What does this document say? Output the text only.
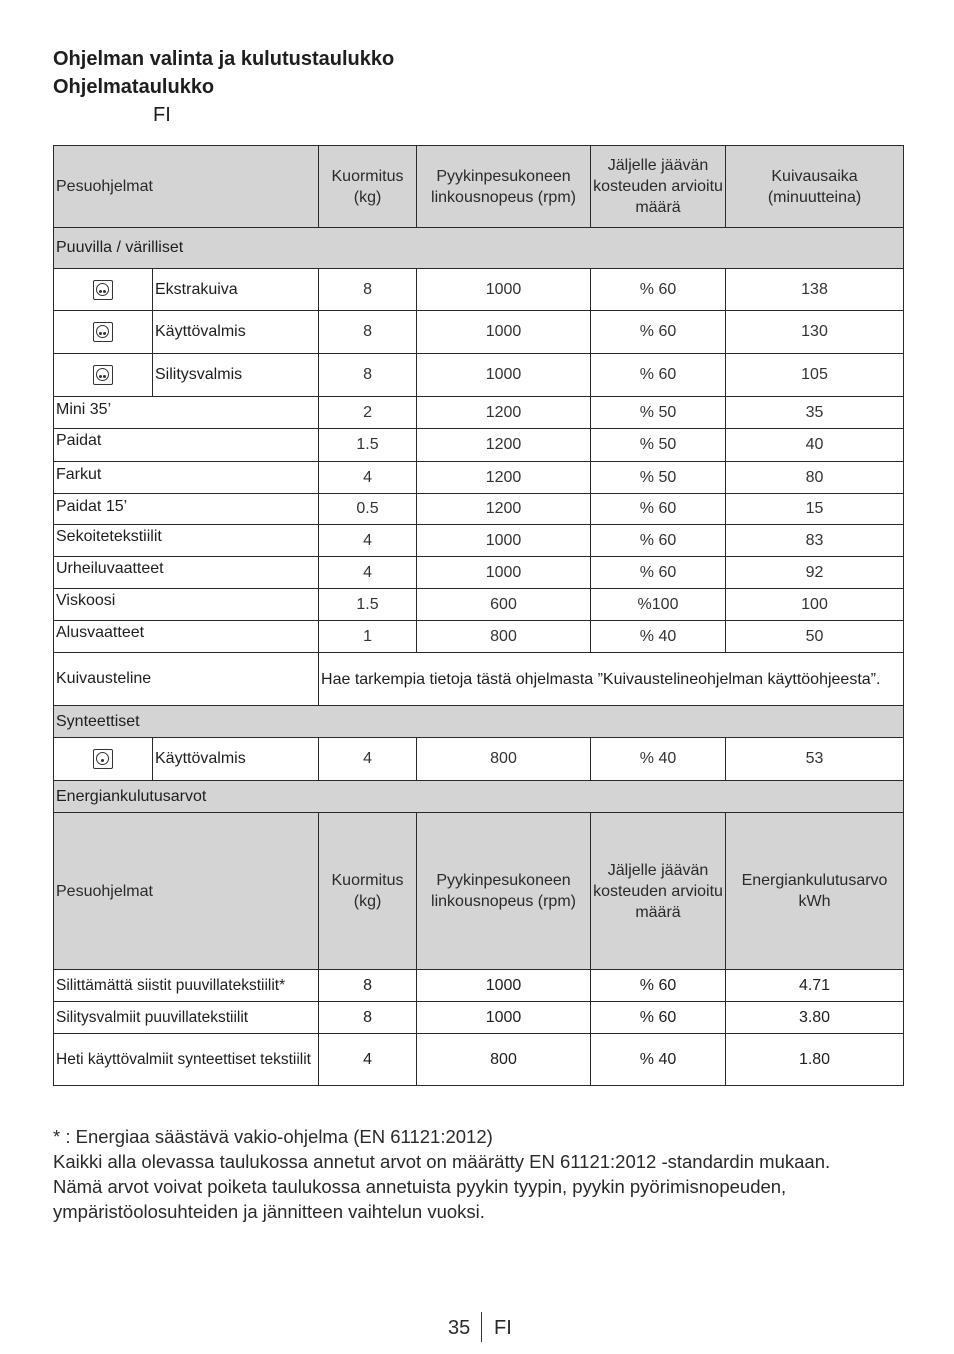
Ohjelman valinta ja kulutustaulukko
Ohjelmataulukko
FI
Pesuohjelmat		Kuormitus (kg)	Pyykinpesukoneen linkousnopeus (rpm)	Jäljelle jäävän kosteuden arvioitu määrä	Kuivausaika (minuutteina)
Puuvilla / värilliset					

	Ekstrakuiva	8	1000	% 60	138

	Käyttövalmis	8	1000	% 60	130

	Silitysvalmis	8	1000	% 60	105
Mini 35’		2	1200	% 50	35
Paidat		1.5	1200	% 50	40
Farkut		4	1200	% 50	80
Paidat 15’		0.5	1200	% 60	15
Sekoitetekstiilit		4	1000	% 60	83
Urheiluvaatteet		4	1000	% 60	92
Viskoosi		1.5	600	%100	100
Alusvaatteet		1	800	% 40	50
Kuivausteline		Hae tarkempia tietoja tästä ohjelmasta ”Kuivaustelineohjelman käyttöohjeesta”.			
Synteettiset					

	Käyttövalmis	4	800	% 40	53
Energiankulutusarvot					
Pesuohjelmat		Kuormitus (kg)	Pyykinpesukoneen linkousnopeus (rpm)	Jäljelle jäävän kosteuden arvioitu määrä	Energiankulutusarvo kWh
Silittämättä siistit puuvillatekstiilit*		8	1000	% 60	4.71
Silitysvalmiit puuvillatekstiilit		8	1000	% 60	3.80
Heti käyttövalmiit synteettiset tekstiilit		4	800	% 40	1.80

* : Energiaa säästävä vakio-ohjelma (EN 61121:2012)

Kaikki alla olevassa taulukossa annetut arvot on määrätty EN 61121:2012 -standardin mukaan.

Nämä arvot voivat poiketa taulukossa annetuista pyykin tyypin, pyykin pyörimisnopeuden,

ympäristöolosuhteiden ja jännitteen vaihtelun vuoksi.

35 FI
